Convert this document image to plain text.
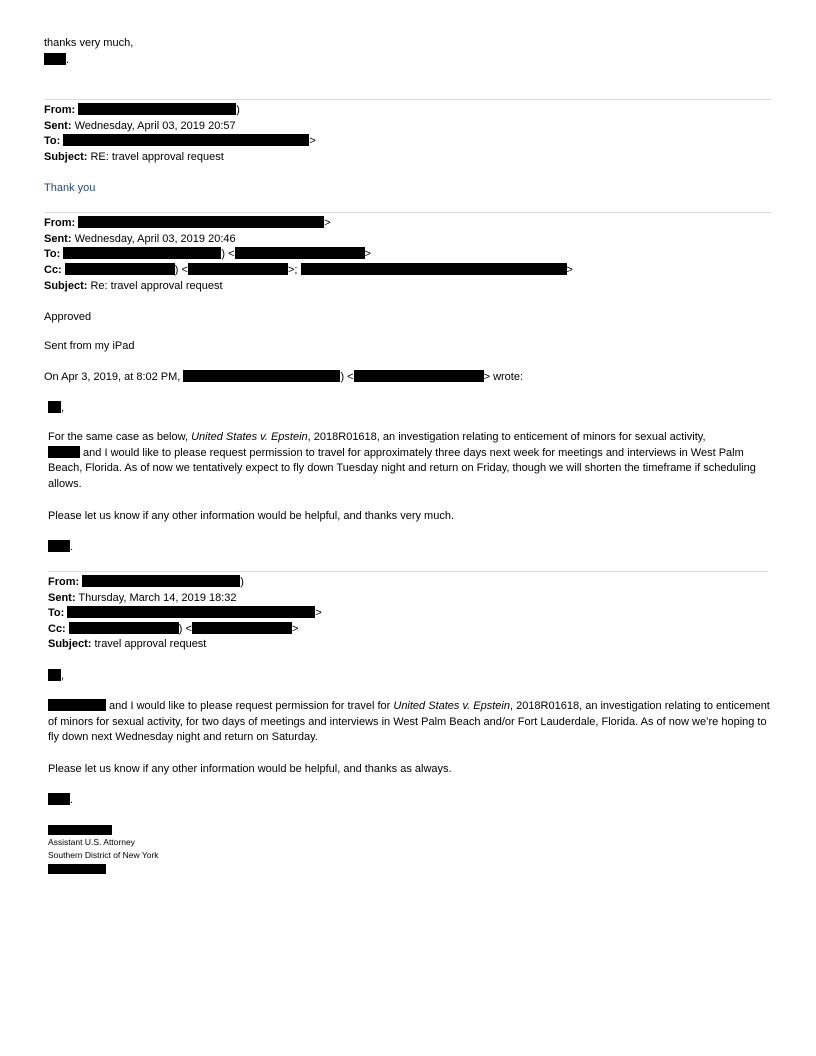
thanks very much,
.
From:	)
Sent: Wednesday, April 03, 2019 20:57
To:	>
Subject: RE: travel approval request
Thank you
From:	>
Sent: Wednesday, April 03, 2019 20:46
To:	) <	>
Cc:	) <	>;	>
Subject: Re: travel approval request
Approved
Sent from my iPad
On Apr 3, 2019, at 8:02 PM,	) <	> wrote:
,
For the same case as below, United States v. Epstein, 2018R01618, an investigation relating to enticement of minors for sexual activity,
and I would like to please request permission to travel for approximately three days next week for meetings and interviews in West Palm Beach, Florida. As of now we tentatively expect to fly down Tuesday night and return on Friday, though we will shorten the timeframe if scheduling allows.
Please let us know if any other information would be helpful, and thanks very much.
.
From:	)
Sent: Thursday, March 14, 2019 18:32
To:	>
Cc:	) <	>
Subject: travel approval request
,
and I would like to please request permission for travel for United States v. Epstein, 2018R01618, an investigation relating to enticement of minors for sexual activity, for two days of meetings and interviews in West Palm Beach and/or Fort Lauderdale, Florida. As of now we’re hoping to fly down next Wednesday night and return on Saturday.
Please let us know if any other information would be helpful, and thanks as always.
.
Assistant U.S. Attorney
Southern District of New York
